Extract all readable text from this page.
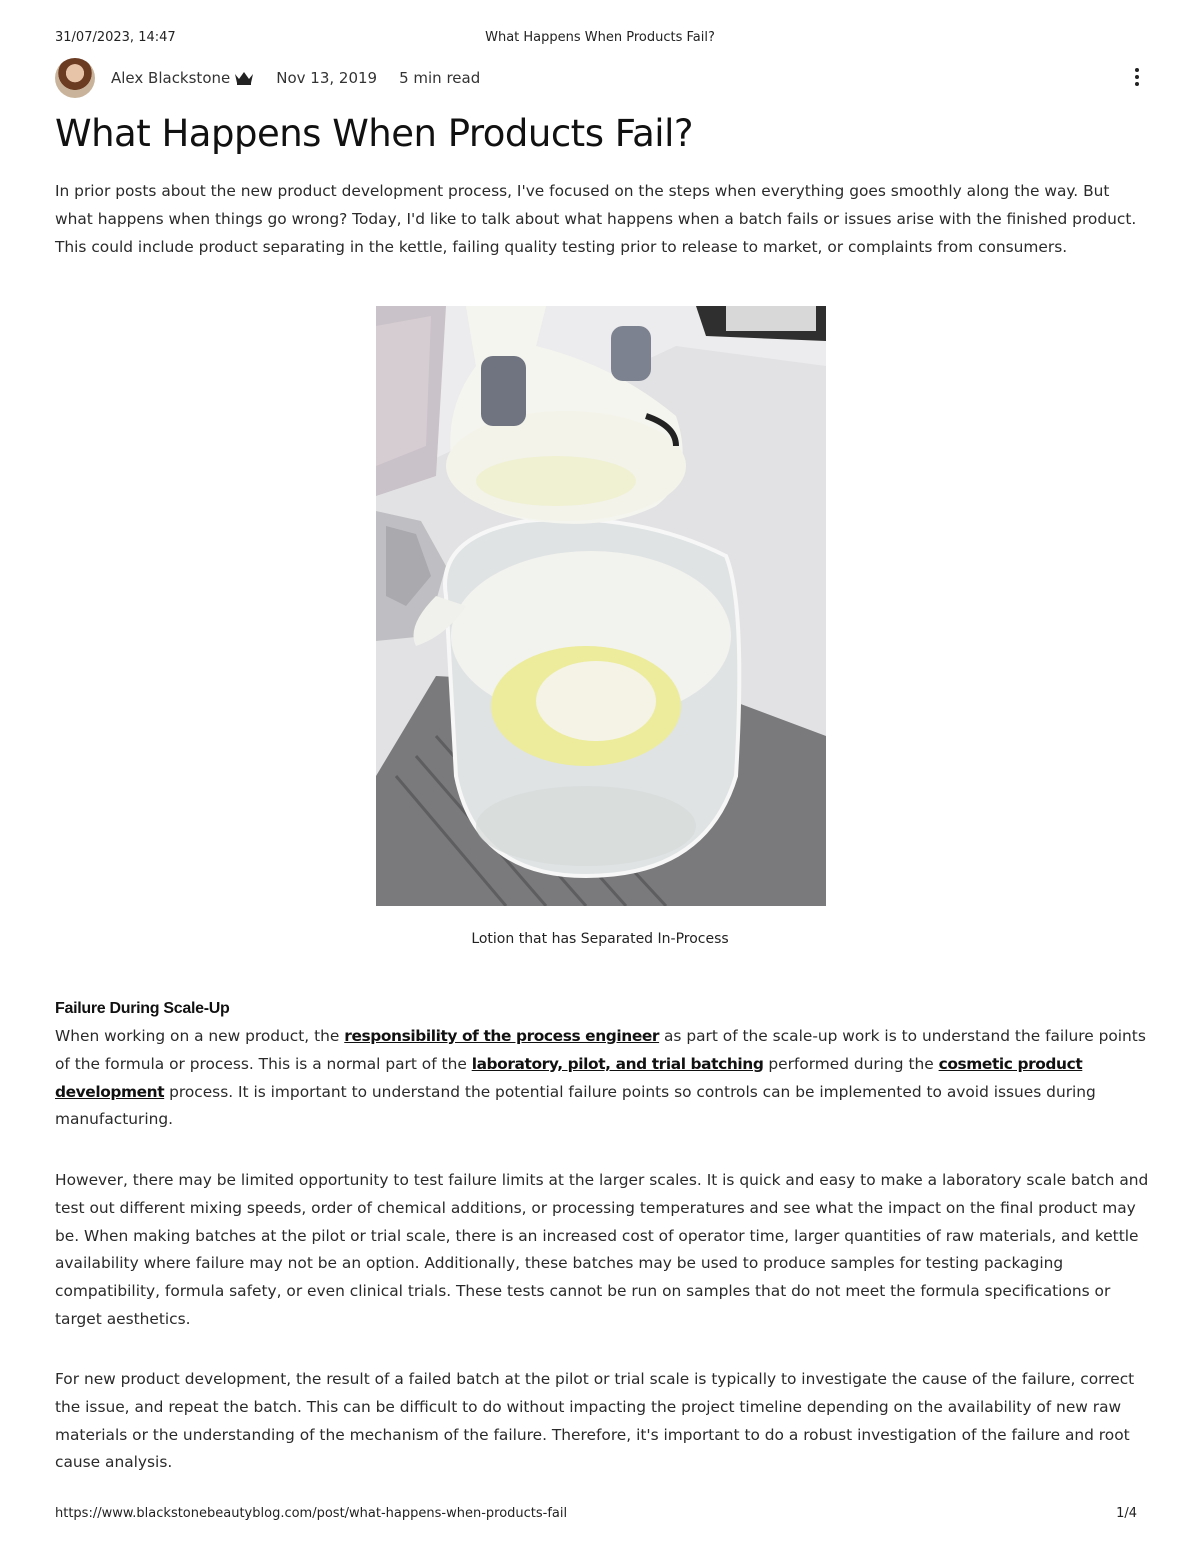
31/07/2023, 14:47	What Happens When Products Fail?
Alex Blackstone	Nov 13, 2019 5 min read
What Happens When Products Fail?

In prior posts about the new product development process, I've focused on the steps when everything goes smoothly along the way. But what happens when things go wrong? Today, I'd like to talk about what happens when a batch fails or issues arise with the finished product. This could include product separating in the kettle, failing quality testing prior to release to market, or complaints from consumers.

Lotion that has Separated In-Process
Failure During Scale-Up

When working on a new product, the responsibility of the process engineer as part of the scale-up work is to understand the failure points of the formula or process. This is a normal part of the laboratory, pilot, and trial batching performed during the cosmetic product development process. It is important to understand the potential failure points so controls can be implemented to avoid issues during manufacturing.

However, there may be limited opportunity to test failure limits at the larger scales. It is quick and easy to make a laboratory scale batch and test out different mixing speeds, order of chemical additions, or processing temperatures and see what the impact on the final product may be. When making batches at the pilot or trial scale, there is an increased cost of operator time, larger quantities of raw materials, and kettle availability where failure may not be an option. Additionally, these batches may be used to produce samples for testing packaging compatibility, formula safety, or even clinical trials. These tests cannot be run on samples that do not meet the formula specifications or target aesthetics.

For new product development, the result of a failed batch at the pilot or trial scale is typically to investigate the cause of the failure, correct the issue, and repeat the batch. This can be difficult to do without impacting the project timeline depending on the availability of new raw materials or the understanding of the mechanism of the failure. Therefore, it's important to do a robust investigation of the failure and root cause analysis.

https://www.blackstonebeautyblog.com/post/what-happens-when-products-fail	1/4
